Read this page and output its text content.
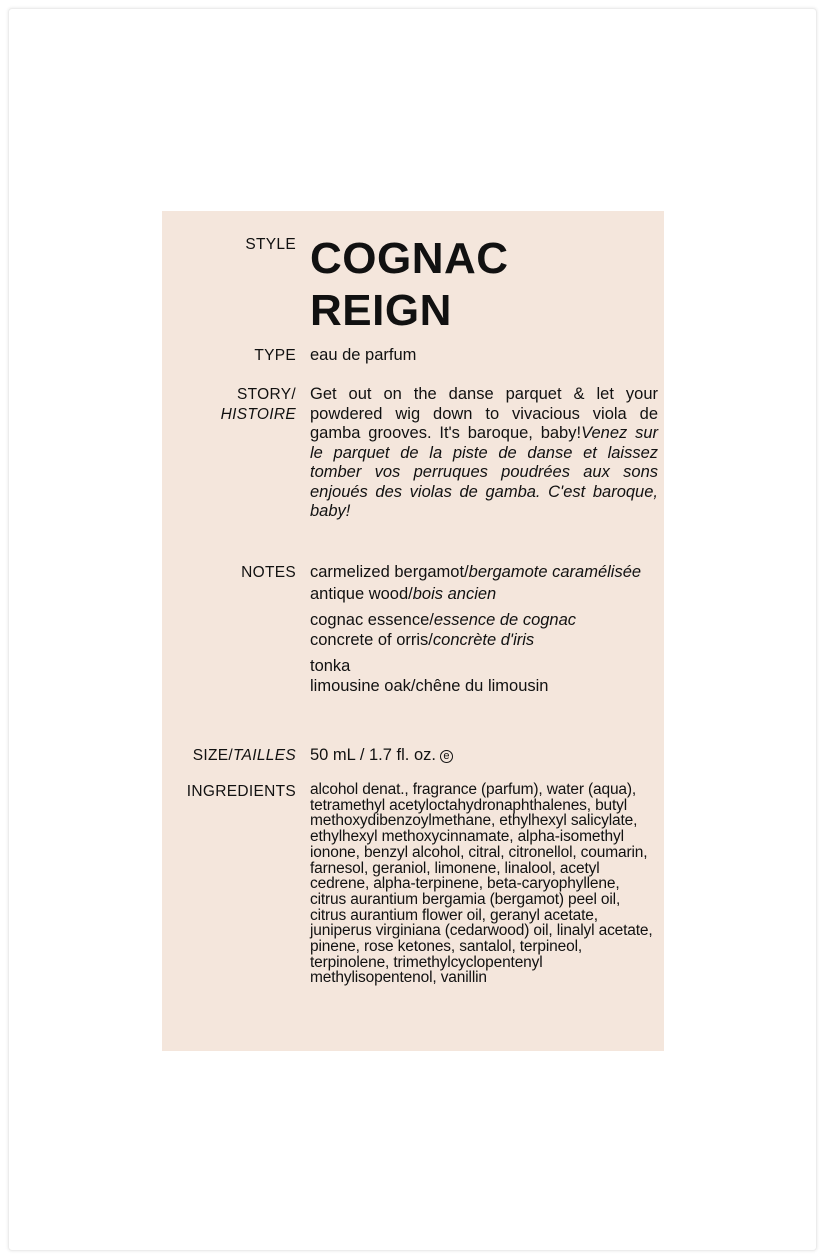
STYLE COGNAC
REIGN
TYPE eau de parfum
STORY/
HISTOIRE
Get out on the danse parquet & let your powdered wig down to vivacious viola de gamba grooves. It's baroque, baby!Venez sur le parquet de la piste de danse et laissez tomber vos perruques poudrées aux sons enjoués des violas de gamba. C'est baroque, baby!
NOTES carmelized bergamot/bergamote caramélisée
antique wood/bois ancien
cognac essence/essence de cognac
concrete of orris/concrète d'iris
tonka
limousine oak/chêne du limousin
SIZE/TAILLES 50 mL / 1.7 fl. oz. e
INGREDIENTS alcohol denat., fragrance (parfum), water (aqua), tetramethyl acetyloctahydronaphthalenes, butyl methoxydibenzoylmethane, ethylhexyl salicylate, ethylhexyl methoxycinnamate, alpha-isomethyl ionone, benzyl alcohol, citral, citronellol, coumarin, farnesol, geraniol, limonene, linalool, acetyl cedrene, alpha-terpinene, beta-caryophyllene, citrus aurantium bergamia (bergamot) peel oil, citrus aurantium flower oil, geranyl acetate, juniperus virginiana (cedarwood) oil, linalyl acetate, pinene, rose ketones, santalol, terpineol, terpinolene, trimethylcyclopentenyl methylisopentenol, vanillin
